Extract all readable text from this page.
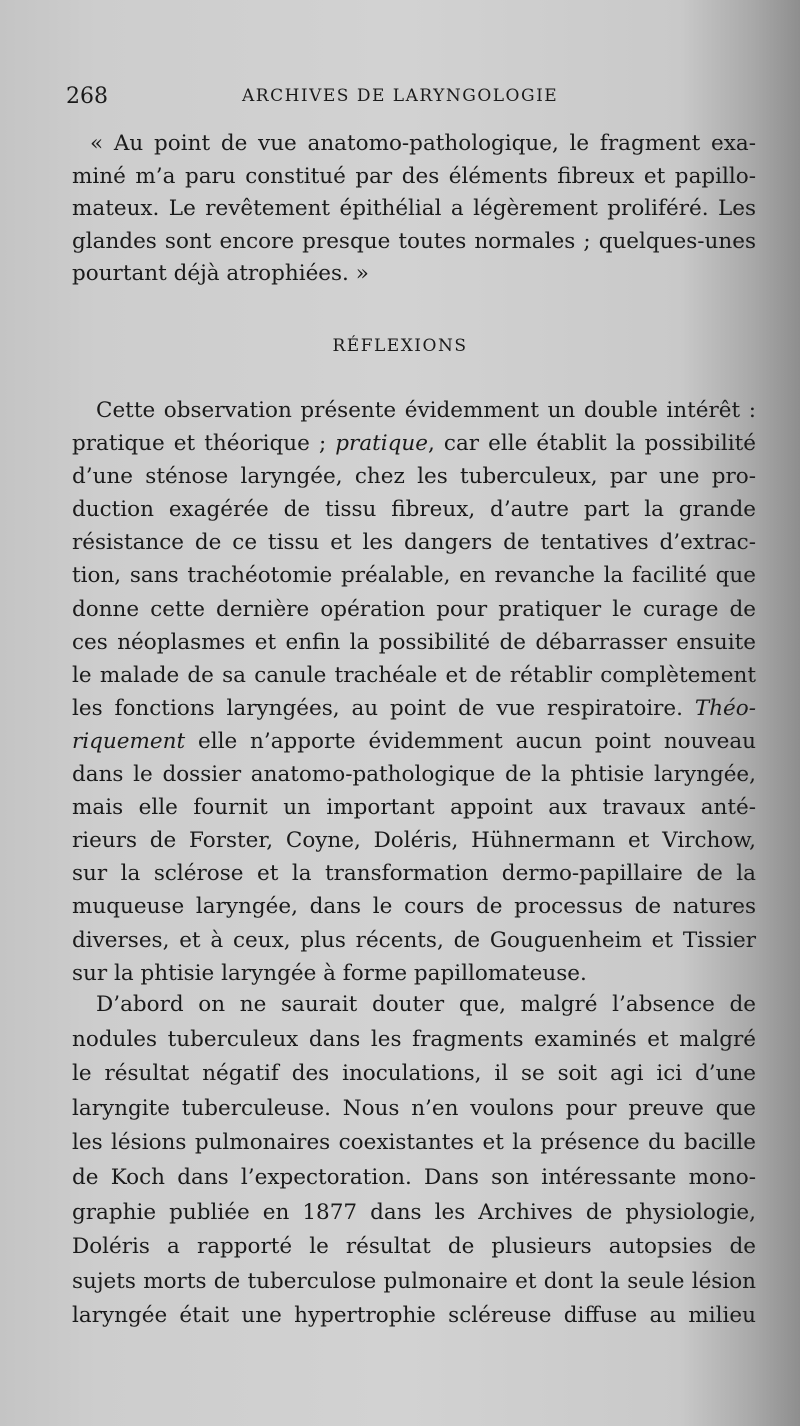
268	ARCHIVES DE LARYNGOLOGIE
« Au point de vue anatomo-pathologique, le fragment exa-
miné m’a paru constitué par des éléments fibreux et papillo-
mateux. Le revêtement épithélial a légèrement proliféré. Les
glandes sont encore presque toutes normales ; quelques-unes
pourtant déjà atrophiées. »
RÉFLEXIONS
Cette observation présente évidemment un double intérêt :
pratique et théorique ; pratique, car elle établit la possibilité
d’une sténose laryngée, chez les tuberculeux, par une pro-
duction exagérée de tissu fibreux, d’autre part la grande
résistance de ce tissu et les dangers de tentatives d’extrac-
tion, sans trachéotomie préalable, en revanche la facilité que
donne cette dernière opération pour pratiquer le curage de
ces néoplasmes et enfin la possibilité de débarrasser ensuite
le malade de sa canule trachéale et de rétablir complètement
les fonctions laryngées, au point de vue respiratoire. Théo-
riquement elle n’apporte évidemment aucun point nouveau
dans le dossier anatomo-pathologique de la phtisie laryngée,
mais elle fournit un important appoint aux travaux anté-
rieurs de Forster, Coyne, Doléris, Hühnermann et Virchow,
sur la sclérose et la transformation dermo-papillaire de la
muqueuse laryngée, dans le cours de processus de natures
diverses, et à ceux, plus récents, de Gouguenheim et Tissier
sur la phtisie laryngée à forme papillomateuse.
D’abord on ne saurait douter que, malgré l’absence de
nodules tuberculeux dans les fragments examinés et malgré
le résultat négatif des inoculations, il se soit agi ici d’une
laryngite tuberculeuse. Nous n’en voulons pour preuve que
les lésions pulmonaires coexistantes et la présence du bacille
de Koch dans l’expectoration. Dans son intéressante mono-
graphie publiée en 1877 dans les Archives de physiologie,
Doléris a rapporté le résultat de plusieurs autopsies de
sujets morts de tuberculose pulmonaire et dont la seule lésion
laryngée était une hypertrophie scléreuse diffuse au milieu
